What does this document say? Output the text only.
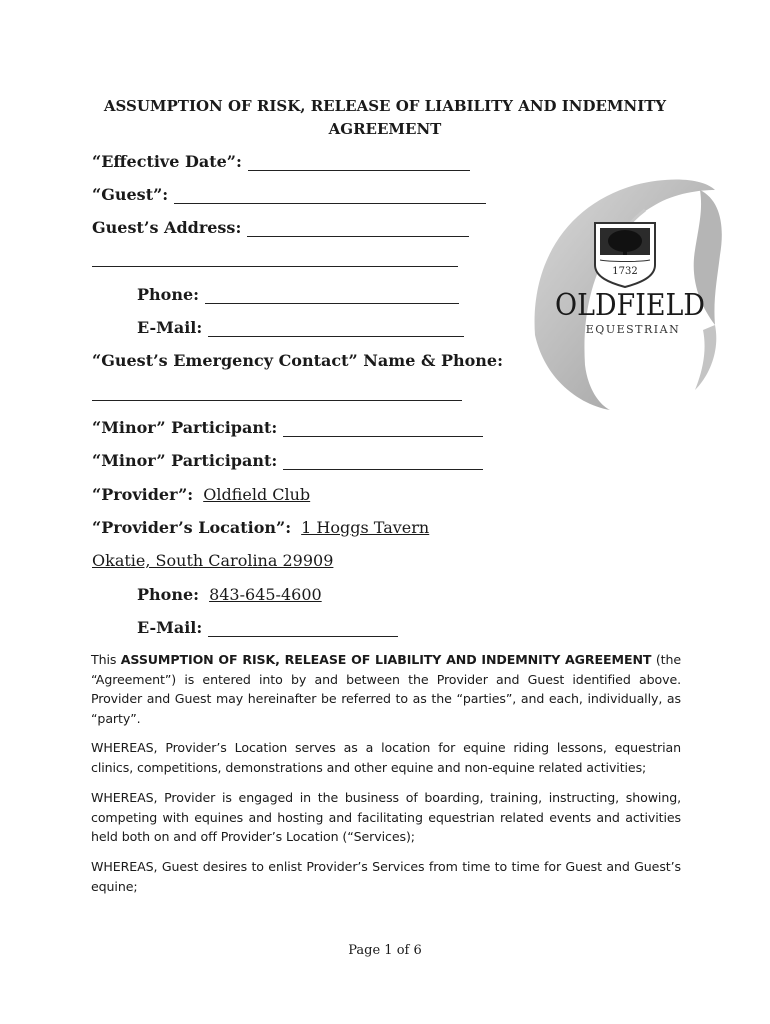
ASSUMPTION OF RISK, RELEASE OF LIABILITY AND INDEMNITY
AGREEMENT
“Effective Date”:
“Guest”:
Guest’s Address:
Phone:
E-Mail:
“Guest’s Emergency Contact” Name & Phone:
“Minor” Participant:
“Minor” Participant:
“Provider”: Oldfield Club
“Provider’s Location”: 1 Hoggs Tavern
Okatie, South Carolina 29909
Phone: 843-645-4600
E-Mail:
1732
OLDFIELD
EQUESTRIAN
This ASSUMPTION OF RISK, RELEASE OF LIABILITY AND INDEMNITY AGREEMENT (the “Agreement”) is entered into by and between the Provider and Guest identified above. Provider and Guest may hereinafter be referred to as the “parties”, and each, individually, as “party”.
WHEREAS, Provider’s Location serves as a location for equine riding lessons, equestrian clinics, competitions, demonstrations and other equine and non-equine related activities;
WHEREAS, Provider is engaged in the business of boarding, training, instructing, showing, competing with equines and hosting and facilitating equestrian related events and activities held both on and off Provider’s Location (“Services);
WHEREAS, Guest desires to enlist Provider’s Services from time to time for Guest and Guest’s equine;
Page 1 of 6
